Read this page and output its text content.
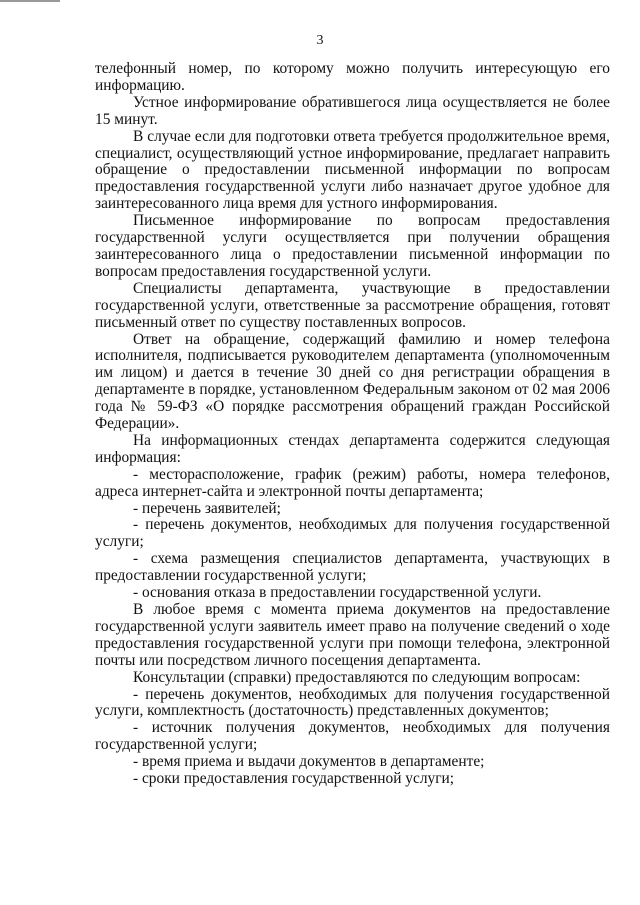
3

телефонный номер, по которому можно получить интересующую его информацию.

Устное информирование обратившегося лица осуществляется не более 15 минут.

В случае если для подготовки ответа требуется продолжительное время, специалист, осуществляющий устное информирование, предлагает направить обращение о предоставлении письменной информации по вопросам предоставления государственной услуги либо назначает другое удобное для заинтересованного лица время для устного информирования.

Письменное информирование по вопросам предоставления государственной услуги осуществляется при получении обращения заинтересованного лица о предоставлении письменной информации по вопросам предоставления государственной услуги.

Специалисты департамента, участвующие в предоставлении государственной услуги, ответственные за рассмотрение обращения, готовят письменный ответ по существу поставленных вопросов.

Ответ на обращение, содержащий фамилию и номер телефона исполнителя, подписывается руководителем департамента (уполномоченным им лицом) и дается в течение 30 дней со дня регистрации обращения в департаменте в порядке, установленном Федеральным законом от 02 мая 2006 года № 59-ФЗ «О порядке рассмотрения обращений граждан Российской Федерации».

На информационных стендах департамента содержится следующая информация:

- месторасположение, график (режим) работы, номера телефонов, адреса интернет-сайта и электронной почты департамента;

- перечень заявителей;

- перечень документов, необходимых для получения государственной услуги;

- схема размещения специалистов департамента, участвующих в предоставлении государственной услуги;

- основания отказа в предоставлении государственной услуги.

В любое время с момента приема документов на предоставление государственной услуги заявитель имеет право на получение сведений о ходе предоставления государственной услуги при помощи телефона, электронной почты или посредством личного посещения департамента.

Консультации (справки) предоставляются по следующим вопросам:

- перечень документов, необходимых для получения государственной услуги, комплектность (достаточность) представленных документов;

- источник получения документов, необходимых для получения государственной услуги;

- время приема и выдачи документов в департаменте;

- сроки предоставления государственной услуги;
